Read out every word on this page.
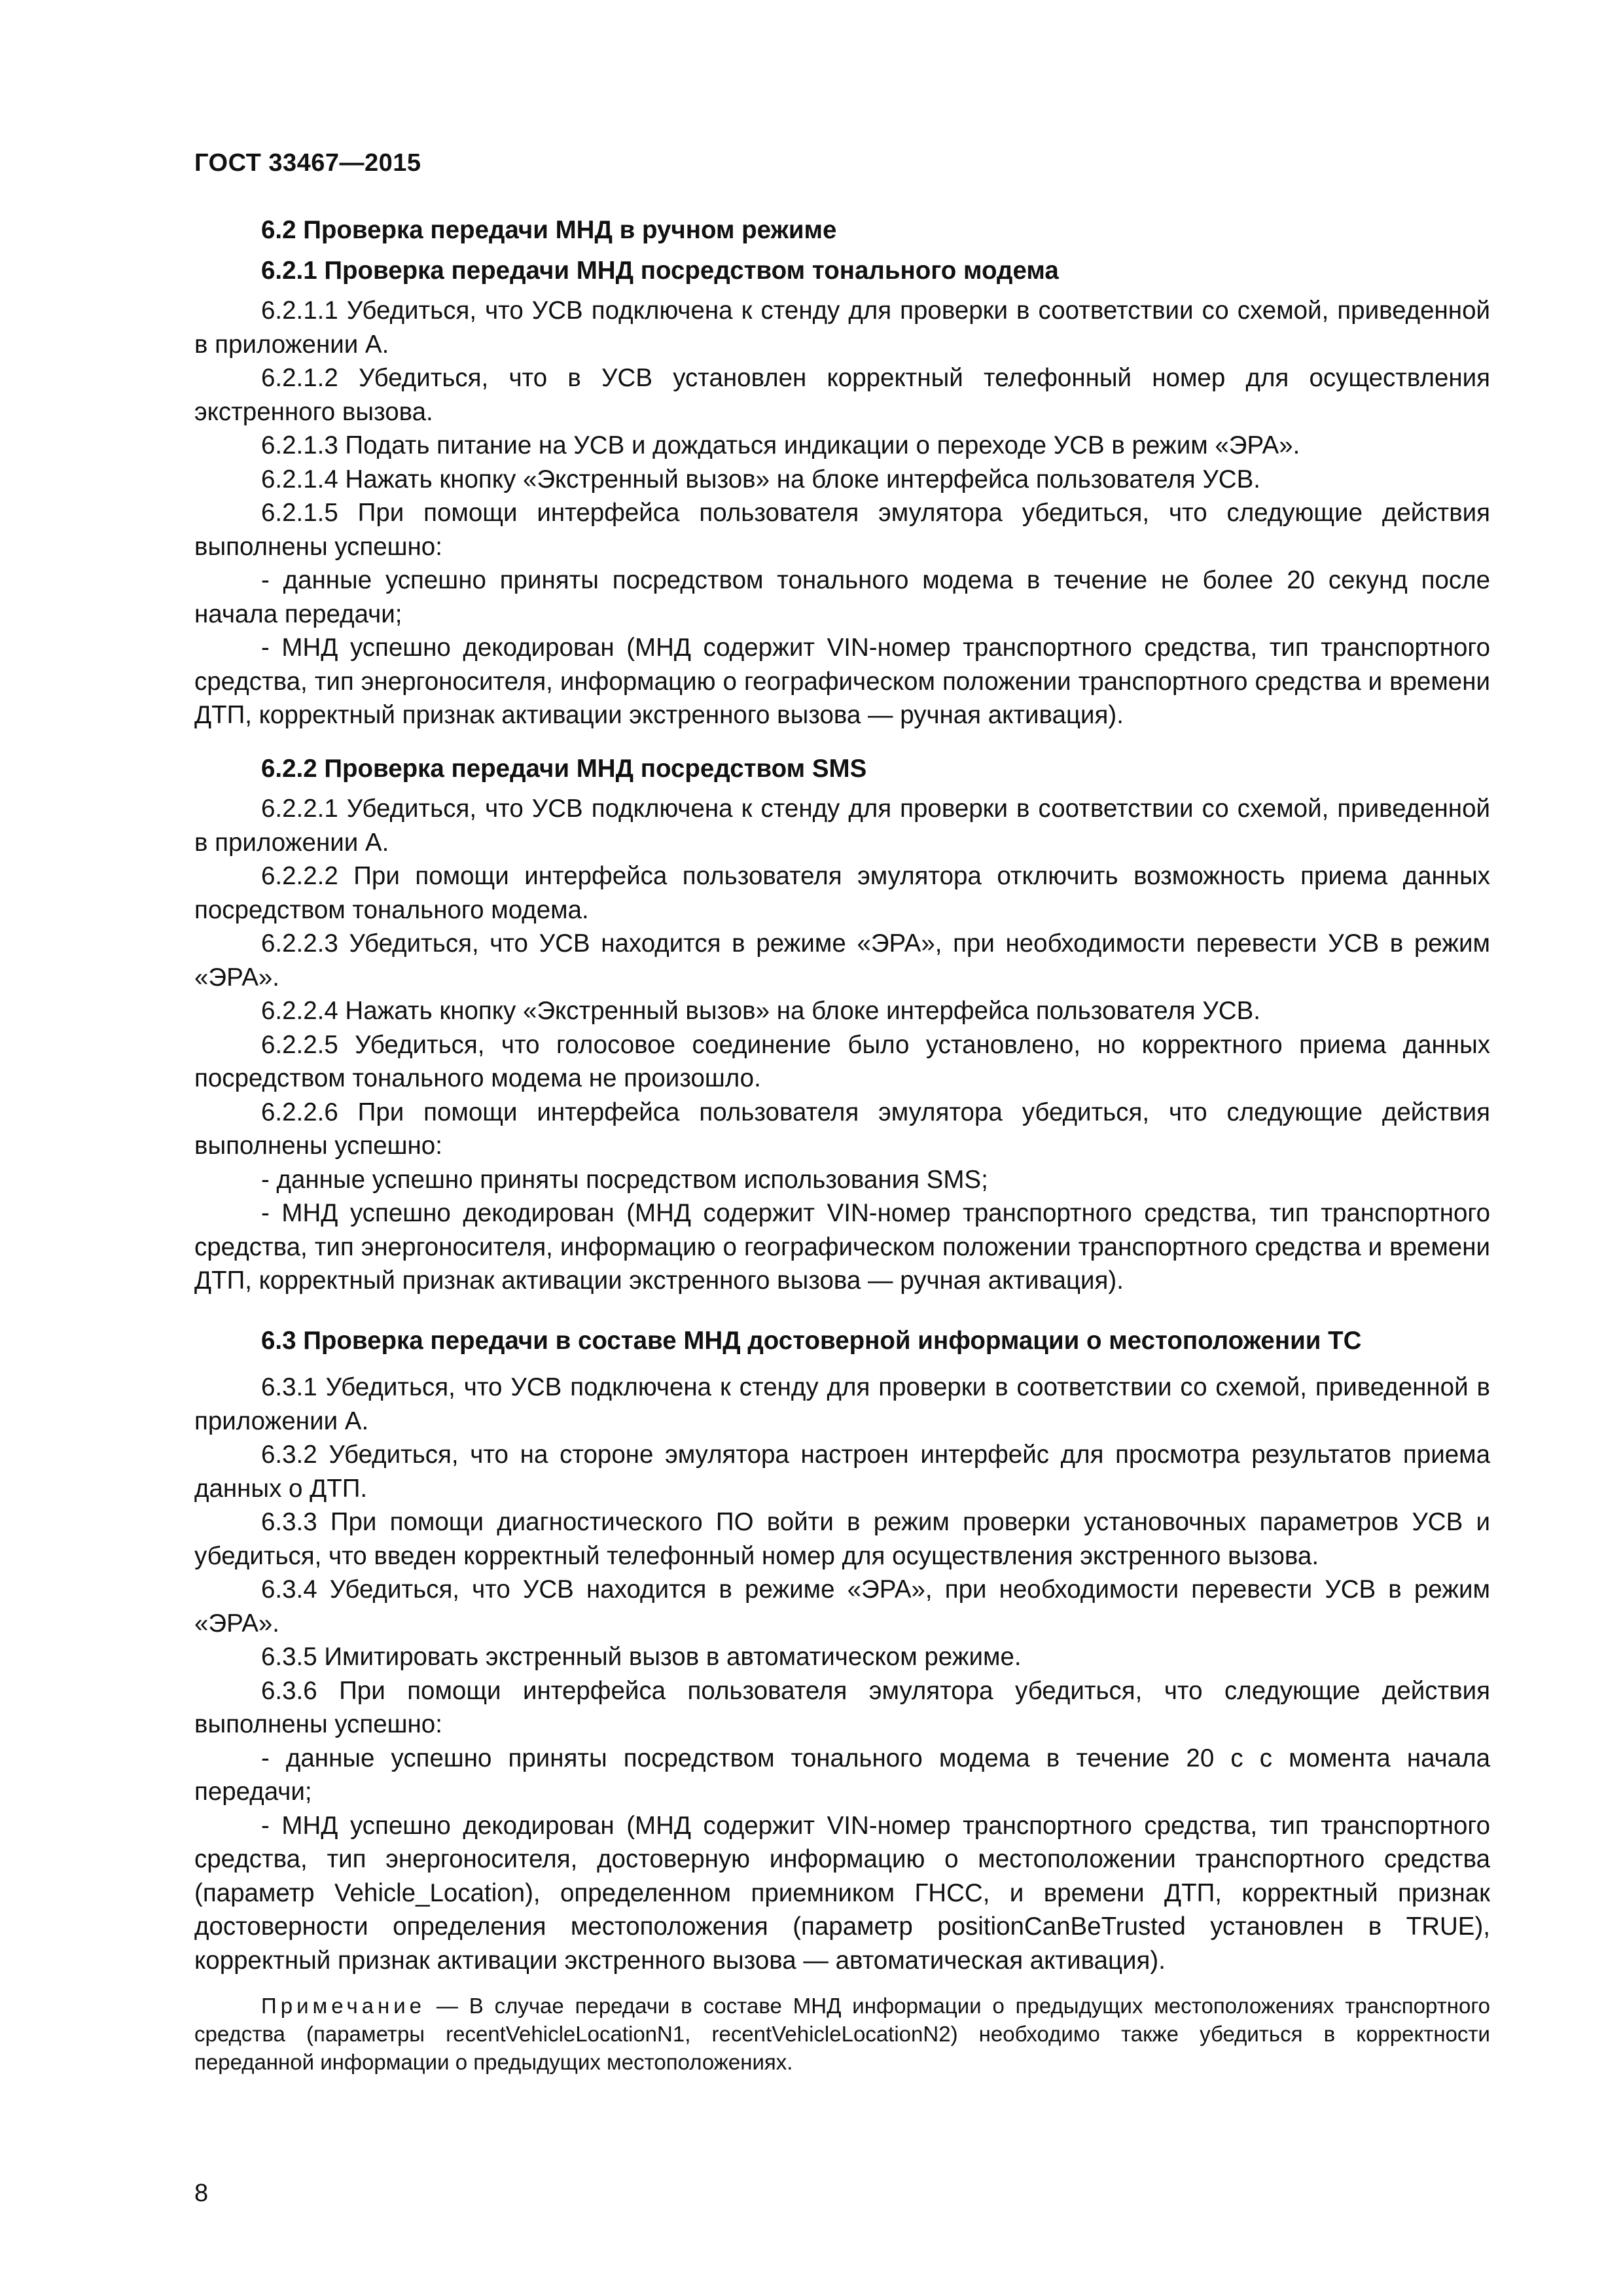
ГОСТ 33467—2015
6.2 Проверка передачи МНД в ручном режиме
6.2.1 Проверка передачи МНД посредством тонального модема
6.2.1.1 Убедиться, что УСВ подключена к стенду для проверки в соответствии со схемой, приведенной в приложении А.
6.2.1.2 Убедиться, что в УСВ установлен корректный телефонный номер для осуществления экстренного вызова.
6.2.1.3 Подать питание на УСВ и дождаться индикации о переходе УСВ в режим «ЭРА».
6.2.1.4 Нажать кнопку «Экстренный вызов» на блоке интерфейса пользователя УСВ.
6.2.1.5 При помощи интерфейса пользователя эмулятора убедиться, что следующие действия выполнены успешно:
- данные успешно приняты посредством тонального модема в течение не более 20 секунд после начала передачи;
- МНД успешно декодирован (МНД содержит VIN-номер транспортного средства, тип транспортного средства, тип энергоносителя, информацию о географическом положении транспортного средства и времени ДТП, корректный признак активации экстренного вызова — ручная активация).
6.2.2 Проверка передачи МНД посредством SMS
6.2.2.1 Убедиться, что УСВ подключена к стенду для проверки в соответствии со схемой, приведенной в приложении А.
6.2.2.2 При помощи интерфейса пользователя эмулятора отключить возможность приема данных посредством тонального модема.
6.2.2.3 Убедиться, что УСВ находится в режиме «ЭРА», при необходимости перевести УСВ в режим «ЭРА».
6.2.2.4 Нажать кнопку «Экстренный вызов» на блоке интерфейса пользователя УСВ.
6.2.2.5 Убедиться, что голосовое соединение было установлено, но корректного приема данных посредством тонального модема не произошло.
6.2.2.6 При помощи интерфейса пользователя эмулятора убедиться, что следующие действия выполнены успешно:
- данные успешно приняты посредством использования SMS;
- МНД успешно декодирован (МНД содержит VIN-номер транспортного средства, тип транспортного средства, тип энергоносителя, информацию о географическом положении транспортного средства и времени ДТП, корректный признак активации экстренного вызова — ручная активация).
6.3 Проверка передачи в составе МНД достоверной информации о местоположении ТС
6.3.1 Убедиться, что УСВ подключена к стенду для проверки в соответствии со схемой, приведенной в приложении А.
6.3.2 Убедиться, что на стороне эмулятора настроен интерфейс для просмотра результатов приема данных о ДТП.
6.3.3 При помощи диагностического ПО войти в режим проверки установочных параметров УСВ и убедиться, что введен корректный телефонный номер для осуществления экстренного вызова.
6.3.4 Убедиться, что УСВ находится в режиме «ЭРА», при необходимости перевести УСВ в режим «ЭРА».
6.3.5 Имитировать экстренный вызов в автоматическом режиме.
6.3.6 При помощи интерфейса пользователя эмулятора убедиться, что следующие действия выполнены успешно:
- данные успешно приняты посредством тонального модема в течение 20 с с момента начала передачи;
- МНД успешно декодирован (МНД содержит VIN-номер транспортного средства, тип транспортного средства, тип энергоносителя, достоверную информацию о местоположении транспортного средства (параметр Vehicle_Location), определенном приемником ГНСС, и времени ДТП, корректный признак достоверности определения местоположения (параметр positionCanBeTrusted установлен в TRUE), корректный признак активации экстренного вызова — автоматическая активация).
Примечание — В случае передачи в составе МНД информации о предыдущих местоположениях транспортного средства (параметры recentVehicleLocationN1, recentVehicleLocationN2) необходимо также убедиться в корректности переданной информации о предыдущих местоположениях.
8
